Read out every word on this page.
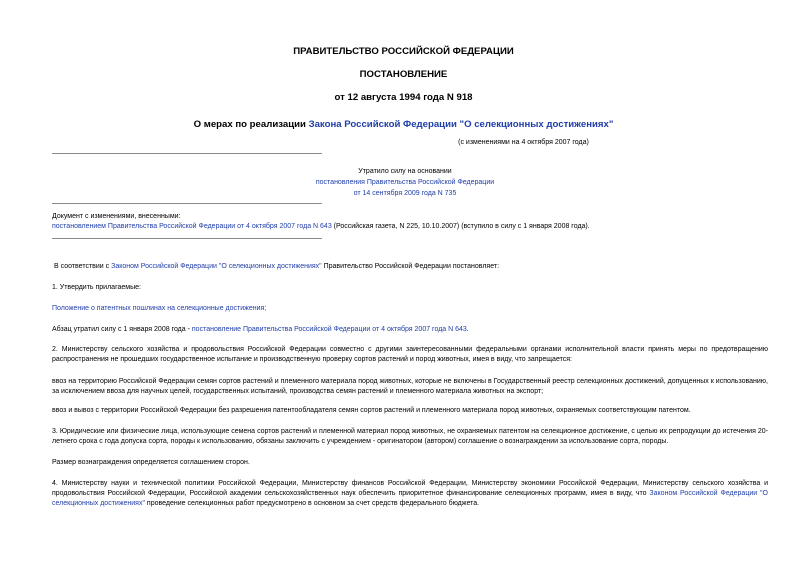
ПРАВИТЕЛЬСТВО РОССИЙСКОЙ ФЕДЕРАЦИИ
ПОСТАНОВЛЕНИЕ
от 12 августа 1994 года N 918
О мерах по реализации Закона Российской Федерации "О селекционных достижениях"
(с изменениями на 4 октября 2007 года)
Утратило силу на основании
постановления Правительства Российской Федерации
от 14 сентября 2009 года N 735
Документ с изменениями, внесенными:
постановлением Правительства Российской Федерации от 4 октября 2007 года N 643 (Российская газета, N 225, 10.10.2007) (вступило в силу с 1 января 2008 года).
В соответствии с Законом Российской Федерации "О селекционных достижениях" Правительство Российской Федерации постановляет:
1. Утвердить прилагаемые:
Положение о патентных пошлинах на селекционные достижения;
Абзац утратил силу с 1 января 2008 года - постановление Правительства Российской Федерации от 4 октября 2007 года N 643.
2. Министерству сельского хозяйства и продовольствия Российской Федерации совместно с другими заинтересованными федеральными органами исполнительной власти принять меры по предотвращению распространения не прошедших государственное испытание и производственную проверку сортов растений и пород животных, имея в виду, что запрещается:
ввоз на территорию Российской Федерации семян сортов растений и племенного материала пород животных, которые не включены в Государственный реестр селекционных достижений, допущенных к использованию, за исключением ввоза для научных целей, государственных испытаний, производства семян растений и племенного материала животных на экспорт;
ввоз и вывоз с территории Российской Федерации без разрешения патентообладателя семян сортов растений и племенного материала пород животных, охраняемых соответствующим патентом.
3. Юридические или физические лица, использующие семена сортов растений и племенной материал пород животных, не охраняемых патентом на селекционное достижение, с целью их репродукции до истечения 20-летнего срока с года допуска сорта, породы к использованию, обязаны заключить с учреждением - оригинатором (автором) соглашение о вознаграждении за использование сорта, породы.
Размер вознаграждения определяется соглашением сторон.
4. Министерству науки и технической политики Российской Федерации, Министерству финансов Российской Федерации, Министерству экономики Российской Федерации, Министерству сельского хозяйства и продовольствия Российской Федерации, Российской академии сельскохозяйственных наук обеспечить приоритетное финансирование селекционных программ, имея в виду, что Законом Российской Федерации "О селекционных достижениях" проведение селекционных работ предусмотрено в основном за счет средств федерального бюджета.
